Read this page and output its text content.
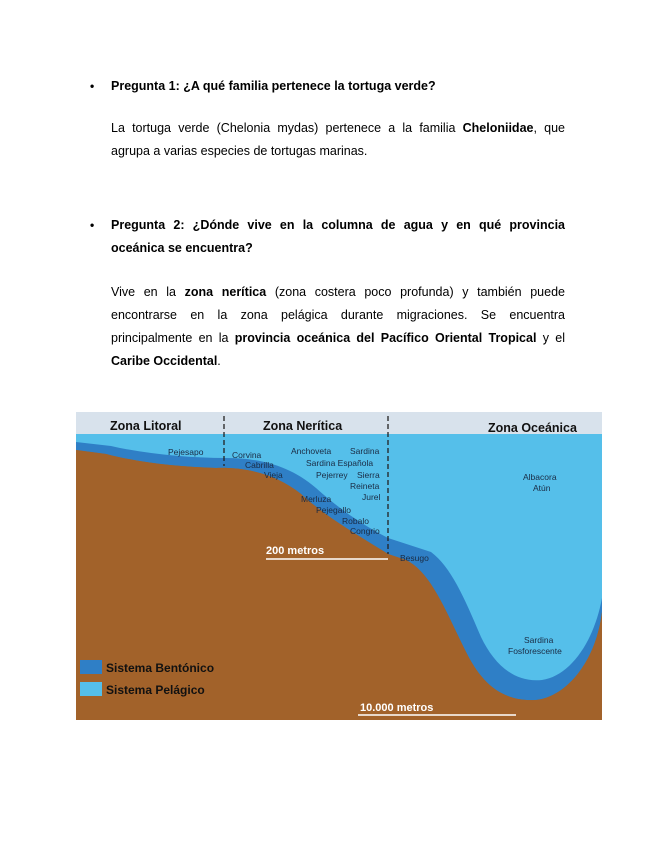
• Pregunta 1: ¿A qué familia pertenece la tortuga verde?
La tortuga verde (Chelonia mydas) pertenece a la familia Cheloniidae, que agrupa a varias especies de tortugas marinas.
• Pregunta 2: ¿Dónde vive en la columna de agua y en qué provincia oceánica se encuentra?
Vive en la zona nerítica (zona costera poco profunda) y también puede encontrarse en la zona pelágica durante migraciones. Se encuentra principalmente en la provincia oceánica del Pacífico Oriental Tropical y el Caribe Occidental.
Zona Litoral	Zona Nerítica	Zona Oceánica
Pejesapo	Corvina
Cabrilla
Vieja
Anchoveta Sardina
Sardina Española
Pejerrey Sierra
Reineta
Jurel
Merluza
Pejegallo
Robalo
Congrio
Besugo
Albacora
Atún
Sardina
Fosforescente
200 metros
10.000 metros
Sistema Bentónico
Sistema Pelágico
